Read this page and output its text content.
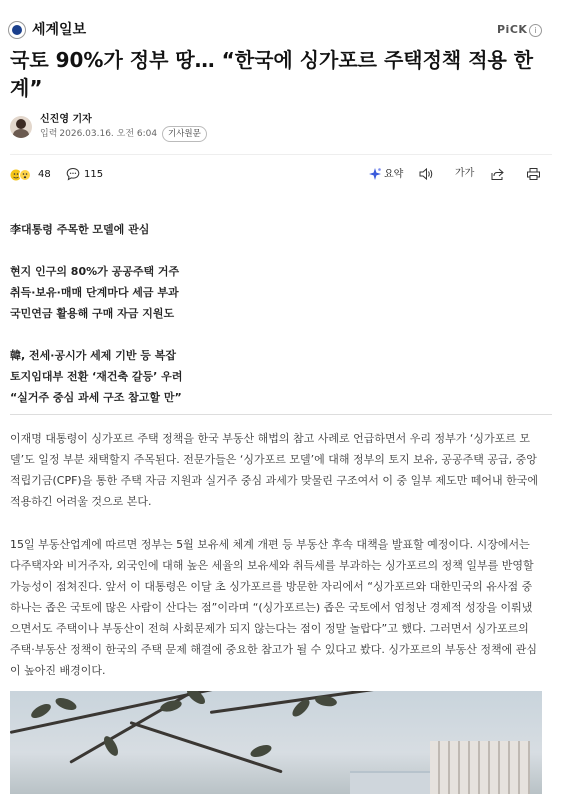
세계일보	PiCK i
국토 90%가 정부 땅… “한국에 싱가포르 주택정책 적용 한계”
신진영 기자
입력 2026.03.16. 오전 6:04	기사원문
48	115	요약	가가

李대통령 주목한 모델에 관심

현지 인구의 80%가 공공주택 거주

취득·보유·매매 단계마다 세금 부과

국민연금 활용해 구매 자금 지원도

韓, 전세·공시가 세제 기반 등 복잡

토지임대부 전환 ‘재건축 갈등’ 우려

“실거주 중심 과세 구조 참고할 만”

이재명 대통령이 싱가포르 주택 정책을 한국 부동산 해법의 참고 사례로 언급하면서 우리 정부가 ‘싱가포르 모델’도 일정 부분 채택할지 주목된다. 전문가들은 ‘싱가포르 모델’에 대해 정부의 토지 보유, 공공주택 공급, 중앙적립기금(CPF)을 통한 주택 자금 지원과 실거주 중심 과세가 맞물린 구조여서 이 중 일부 제도만 떼어내 한국에 적용하긴 어려울 것으로 본다.

15일 부동산업계에 따르면 정부는 5월 보유세 체계 개편 등 부동산 후속 대책을 발표할 예정이다. 시장에서는 다주택자와 비거주자, 외국인에 대해 높은 세율의 보유세와 취득세를 부과하는 싱가포르의 정책 일부를 반영할 가능성이 점쳐진다. 앞서 이 대통령은 이달 초 싱가포르를 방문한 자리에서 “싱가포르와 대한민국의 유사점 중 하나는 좁은 국토에 많은 사람이 산다는 점”이라며 “(싱가포르는) 좁은 국토에서 엄청난 경제적 성장을 이뤄냈으면서도 주택이나 부동산이 전혀 사회문제가 되지 않는다는 점이 정말 놀랍다”고 했다. 그러면서 싱가포르의 주택·부동산 정책이 한국의 주택 문제 해결에 중요한 참고가 될 수 있다고 봤다. 싱가포르의 부동산 정책에 관심이 높아진 배경이다.
